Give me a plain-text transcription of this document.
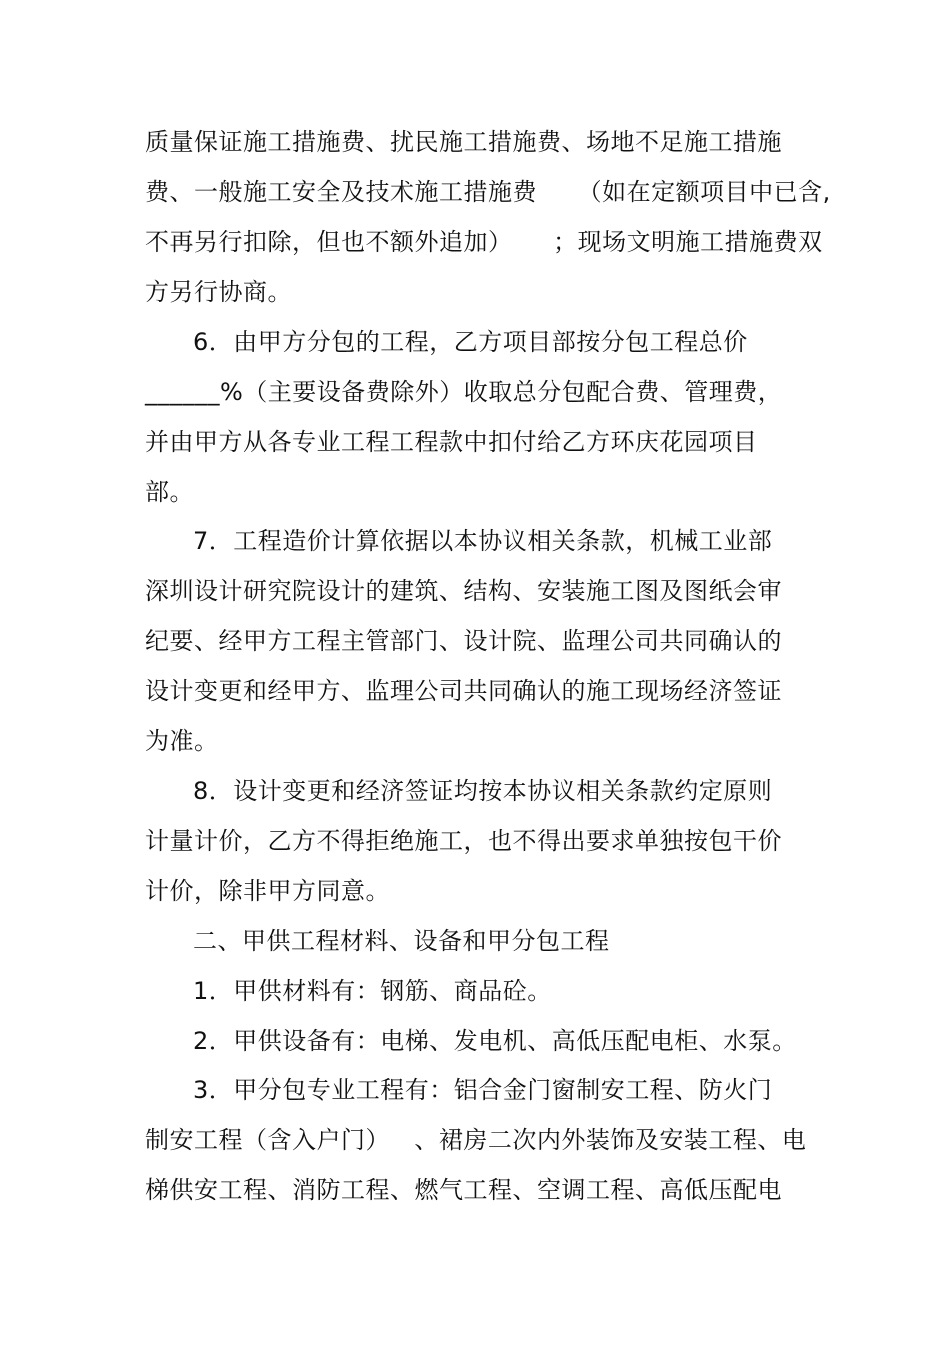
质量保证施工措施费、扰民施工措施费、场地不足施工措施
费、一般施工安全及技术施工措施费     （如在定额项目中已含,
不再另行扣除，但也不额外追加）     ；现场文明施工措施费双
方另行协商。
6．由甲方分包的工程，乙方项目部按分包工程总价
______%（主要设备费除外）收取总分包配合费、管理费，
并由甲方从各专业工程工程款中扣付给乙方环庆花园项目
部。
7．工程造价计算依据以本协议相关条款，机械工业部
深圳设计研究院设计的建筑、结构、安装施工图及图纸会审
纪要、经甲方工程主管部门、设计院、监理公司共同确认的
设计变更和经甲方、监理公司共同确认的施工现场经济签证
为准。
8．设计变更和经济签证均按本协议相关条款约定原则
计量计价，乙方不得拒绝施工，也不得出要求单独按包干价
计价，除非甲方同意。
二、甲供工程材料、设备和甲分包工程
1．甲供材料有：钢筋、商品砼。
2．甲供设备有：电梯、发电机、高低压配电柜、水泵。
3．甲分包专业工程有：铝合金门窗制安工程、防火门
制安工程（含入户门）   、裙房二次内外装饰及安装工程、电
梯供安工程、消防工程、燃气工程、空调工程、高低压配电
